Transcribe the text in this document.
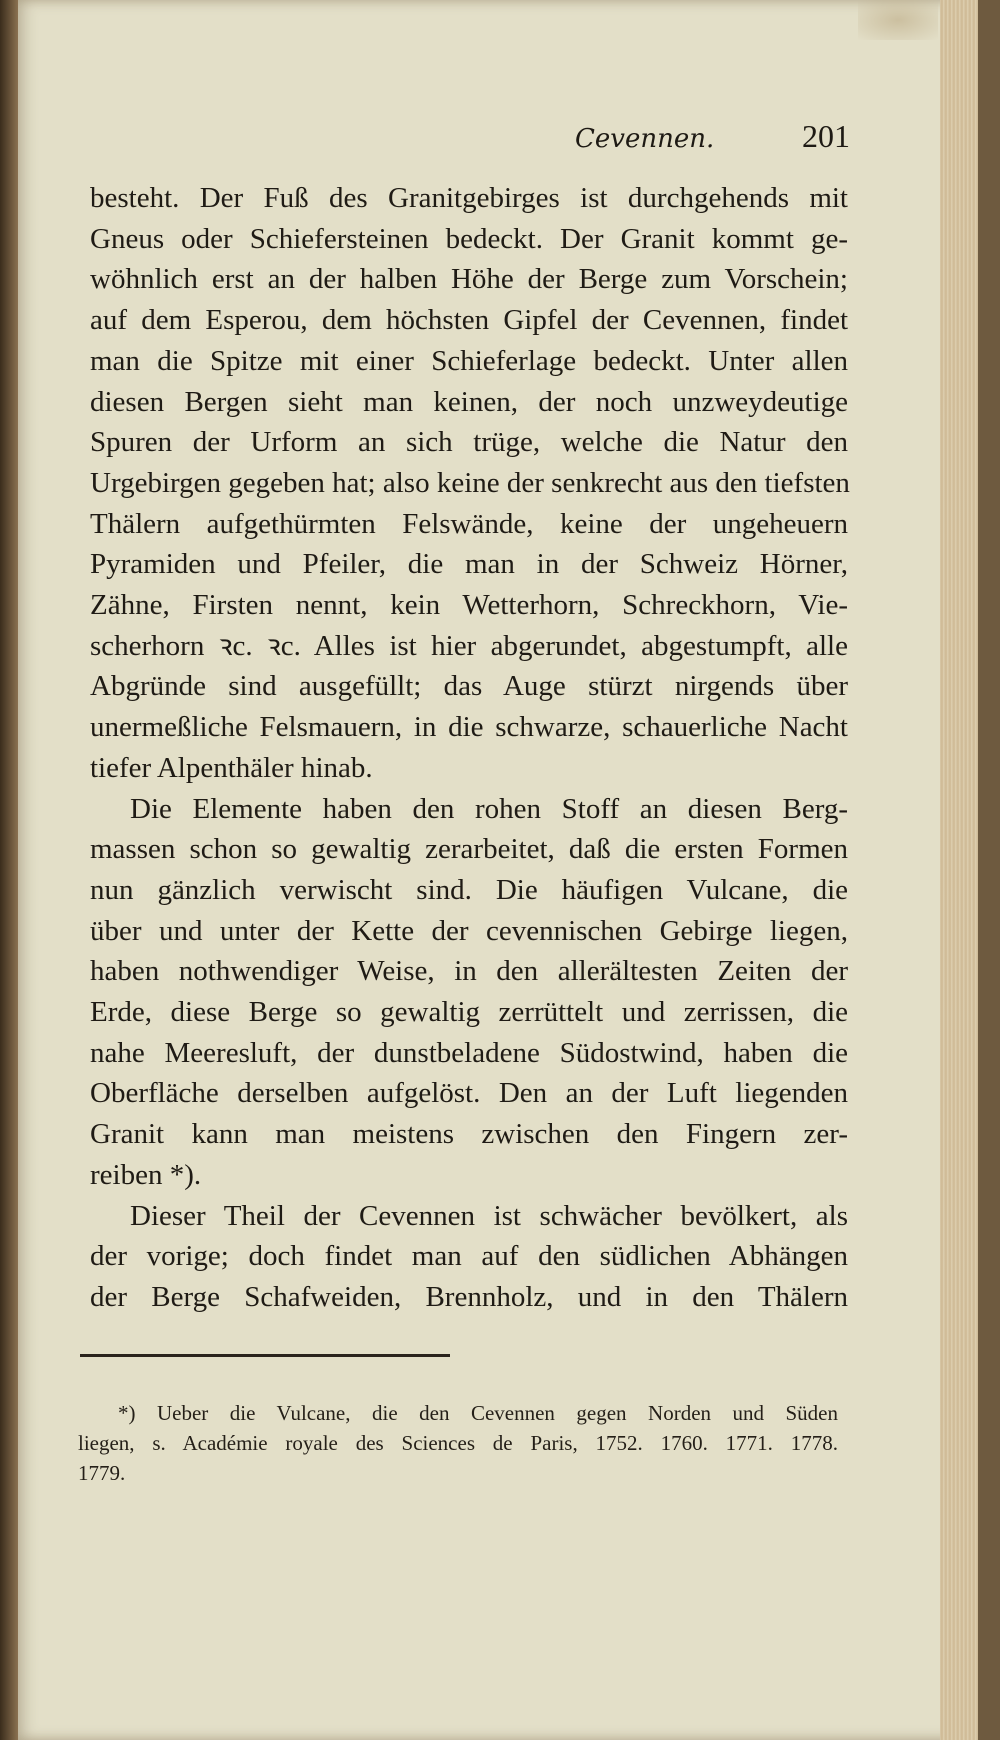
Cevennen.	201

besteht. Der Fuß des Granitgebirges ist durchgehends mit
Gneus oder Schiefersteinen bedeckt. Der Granit kommt ge-
wöhnlich erst an der halben Höhe der Berge zum Vorschein;
auf dem Esperou, dem höchsten Gipfel der Cevennen, findet
man die Spitze mit einer Schieferlage bedeckt. Unter allen
diesen Bergen sieht man keinen, der noch unzweydeutige
Spuren der Urform an sich trüge, welche die Natur den
Urgebirgen gegeben hat; also keine der senkrecht aus den tiefsten
Thälern aufgethürmten Felswände, keine der ungeheuern
Pyramiden und Pfeiler, die man in der Schweiz Hörner,
Zähne, Firsten nennt, kein Wetterhorn, Schreckhorn, Vie-
scherhorn ꝛc. ꝛc. Alles ist hier abgerundet, abgestumpft, alle
Abgründe sind ausgefüllt; das Auge stürzt nirgends über
unermeßliche Felsmauern, in die schwarze, schauerliche Nacht
tiefer Alpenthäler hinab.

Die Elemente haben den rohen Stoff an diesen Berg-
massen schon so gewaltig zerarbeitet, daß die ersten Formen
nun gänzlich verwischt sind. Die häufigen Vulcane, die
über und unter der Kette der cevennischen Gebirge liegen,
haben nothwendiger Weise, in den allerältesten Zeiten der
Erde, diese Berge so gewaltig zerrüttelt und zerrissen, die
nahe Meeresluft, der dunstbeladene Südostwind, haben die
Oberfläche derselben aufgelöst. Den an der Luft liegenden
Granit kann man meistens zwischen den Fingern zer-
reiben *).

Dieser Theil der Cevennen ist schwächer bevölkert, als
der vorige; doch findet man auf den südlichen Abhängen
der Berge Schafweiden, Brennholz, und in den Thälern

*) Ueber die Vulcane, die den Cevennen gegen Norden und Süden
liegen, s. Académie royale des Sciences de Paris, 1752. 1760. 1771. 1778.
1779.
